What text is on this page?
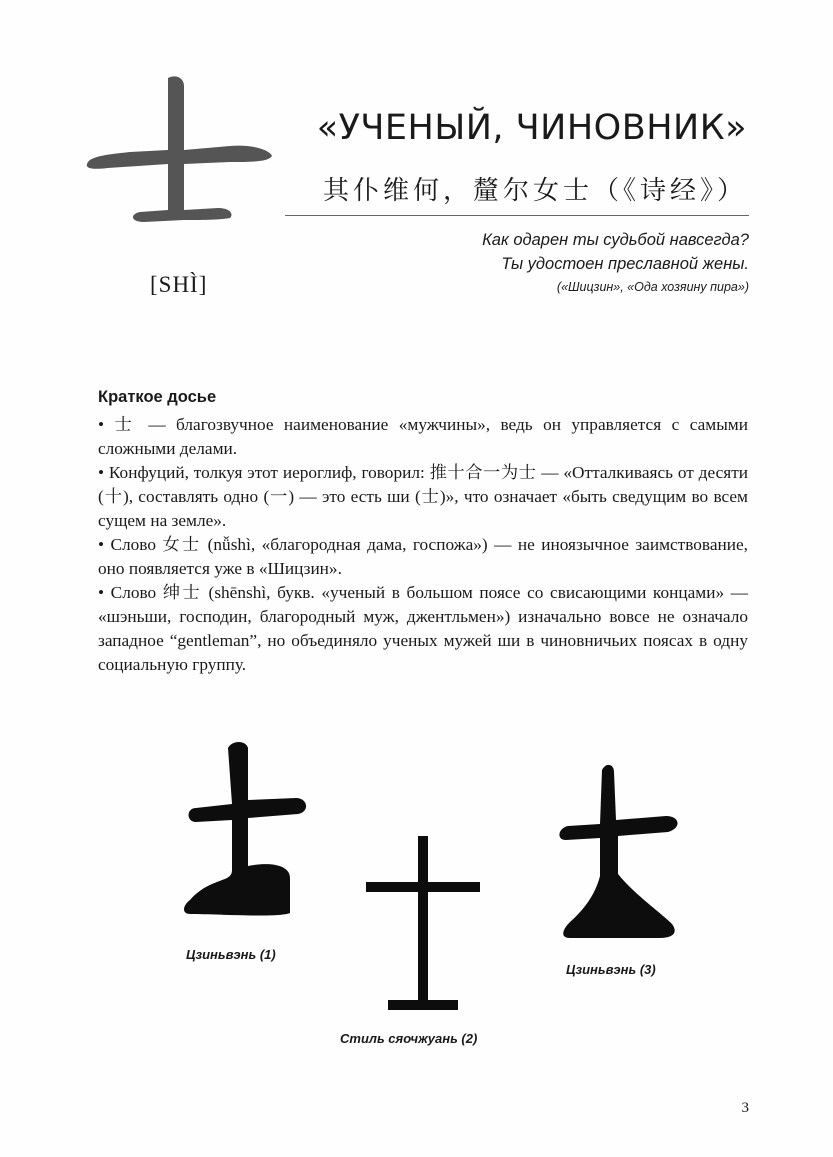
[SHÌ]
«УЧЕНЫЙ, ЧИНОВНИК»
其仆维何，釐尔女士（《诗经》）
Как одарен ты судьбой навсегда?
Ты удостоен преславной жены.
(«Шицзин», «Ода хозяину пира»)
Краткое досье

• 士 — благозвучное наименование «мужчины», ведь он управляется с самыми сложными делами.

• Конфуций, толкуя этот иероглиф, говорил: 推十合一为士 — «Отталкиваясь от десяти (十), составлять одно (一) — это есть ши (士)», что означает «быть сведущим во всем сущем на земле».

• Слово 女士 (nǚshì, «благородная дама, госпожа») — не иноязычное заимствование, оно появляется уже в «Шицзин».

• Слово 绅士 (shēnshì, букв. «ученый в большом поясе со свисающими концами» — «шэньши, господин, благородный муж, джентльмен») изначально вовсе не означало западное “gentleman”, но объединяло ученых мужей ши в чиновничьих поясах в одну социальную группу.

Цзиньвэнь (1)
Стиль сяочжуань (2)
Цзиньвэнь (3)
3
